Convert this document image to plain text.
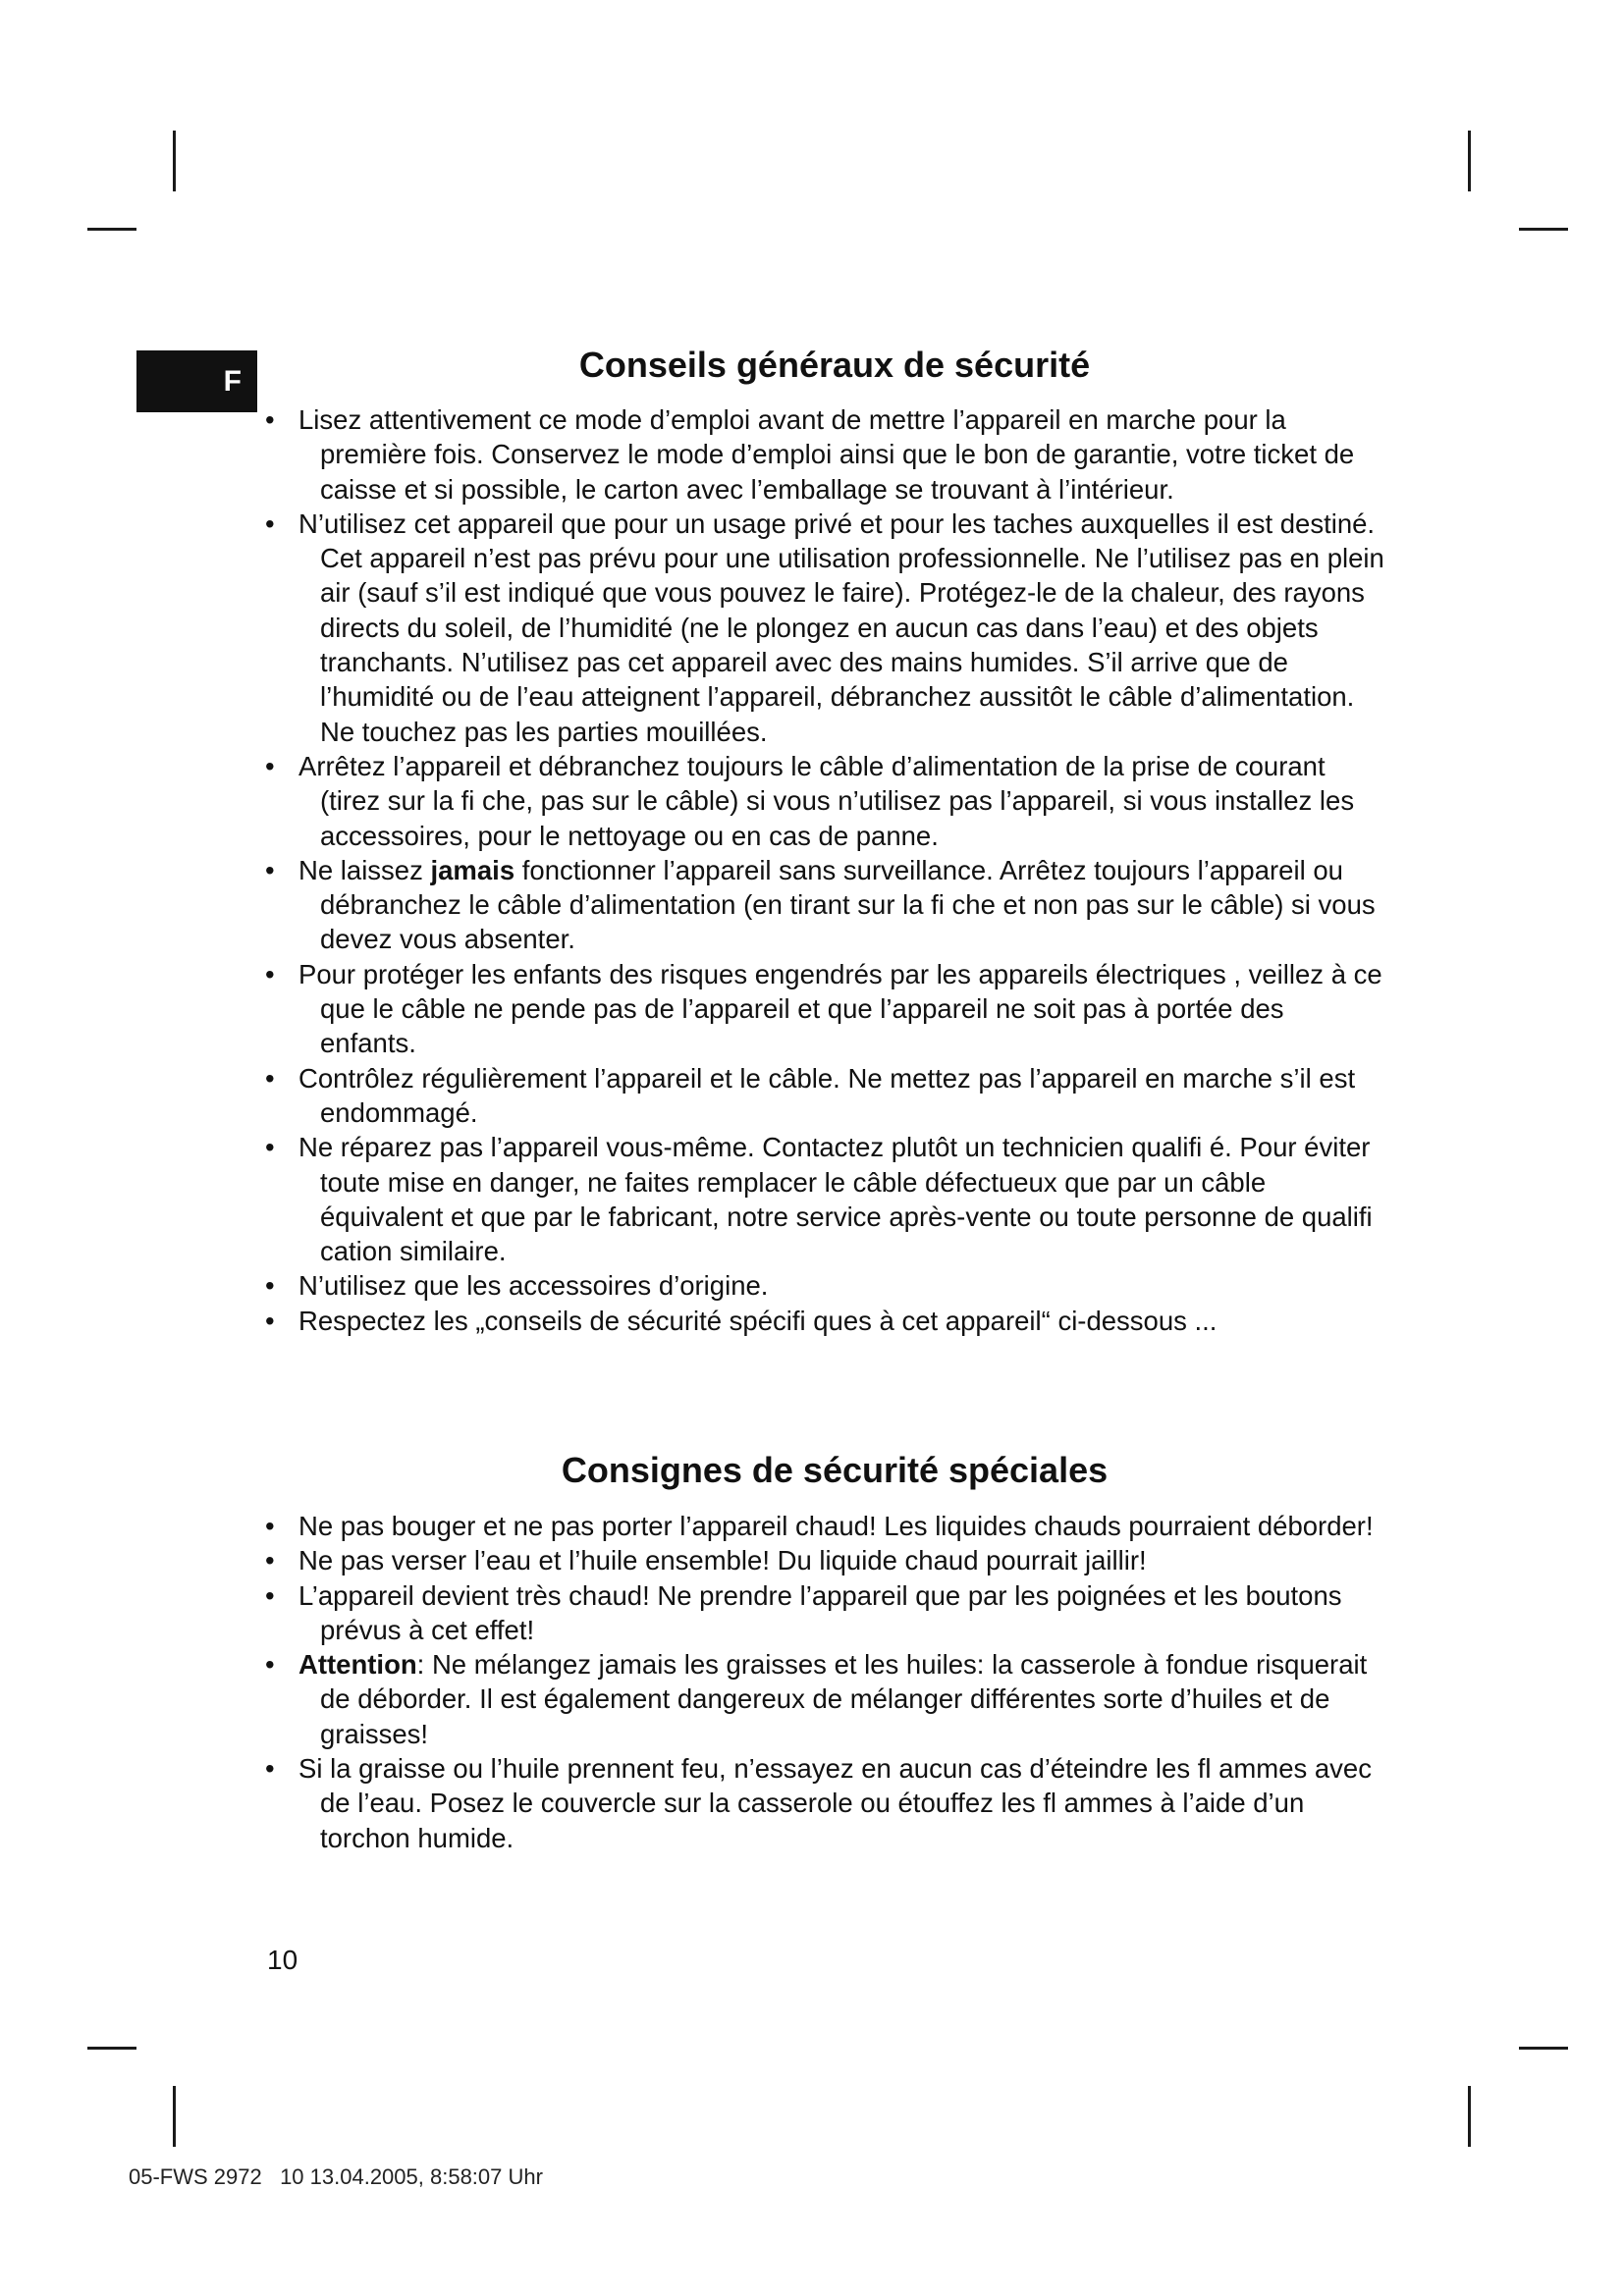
F	Conseils généraux de sécurité
• Lisez attentivement ce mode d’emploi avant de mettre l’appareil en marche pour la première fois. Conservez le mode d’emploi ainsi que le bon de garantie, votre ticket de caisse et si possible, le carton avec l’emballage se trouvant à l’intérieur.
• N’utilisez cet appareil que pour un usage privé et pour les taches auxquelles il est destiné. Cet appareil n’est pas prévu pour une utilisation professionnelle. Ne l’utilisez pas en plein air (sauf s’il est indiqué que vous pouvez le faire). Protégez-le de la chaleur, des rayons directs du soleil, de l’humidité (ne le plongez en aucun cas dans l’eau) et des objets tranchants. N’utilisez pas cet appareil avec des mains humides. S’il arrive que de l’humidité ou de l’eau atteignent l’appareil, débranchez aussitôt le câble d’alimentation. Ne touchez pas les parties mouillées.
• Arrêtez l’appareil et débranchez toujours le câble d’alimentation de la prise de courant (tirez sur la fi che, pas sur le câble) si vous n’utilisez pas l’appareil, si vous installez les accessoires, pour le nettoyage ou en cas de panne.
• Ne laissez jamais fonctionner l’appareil sans surveillance. Arrêtez toujours l’appareil ou débranchez le câble d’alimentation (en tirant sur la fi che et non pas sur le câble) si vous devez vous absenter.
• Pour protéger les enfants des risques engendrés par les appareils électriques , veillez à ce que le câble ne pende pas de l’appareil et que l’appareil ne soit pas à portée des enfants.
• Contrôlez régulièrement l’appareil et le câble. Ne mettez pas l’appareil en marche s’il est endommagé.
• Ne réparez pas l’appareil vous-même. Contactez plutôt un technicien qualifi é. Pour éviter toute mise en danger, ne faites remplacer le câble défectueux que par un câble équivalent et que par le fabricant, notre service après-vente ou toute personne de qualifi cation similaire.
• N’utilisez que les accessoires d’origine.
• Respectez les „conseils de sécurité spécifi ques à cet appareil“ ci-dessous ...
Consignes de sécurité spéciales
• Ne pas bouger et ne pas porter l’appareil chaud! Les liquides chauds pourraient déborder!
• Ne pas verser l’eau et l’huile ensemble! Du liquide chaud pourrait jaillir!
• L’appareil devient très chaud! Ne prendre l’appareil que par les poignées et les boutons prévus à cet effet!
• Attention: Ne mélangez jamais les graisses et les huiles: la casserole à fondue risquerait de déborder. Il est également dangereux de mélanger différentes sorte d’huiles et de graisses!
• Si la graisse ou l’huile prennent feu, n’essayez en aucun cas d’éteindre les fl ammes avec de l’eau. Posez le couvercle sur la casserole ou étouffez les fl ammes à l’aide d’un torchon humide.
10
05-FWS 2972   10 13.04.2005, 8:58:07 Uhr
